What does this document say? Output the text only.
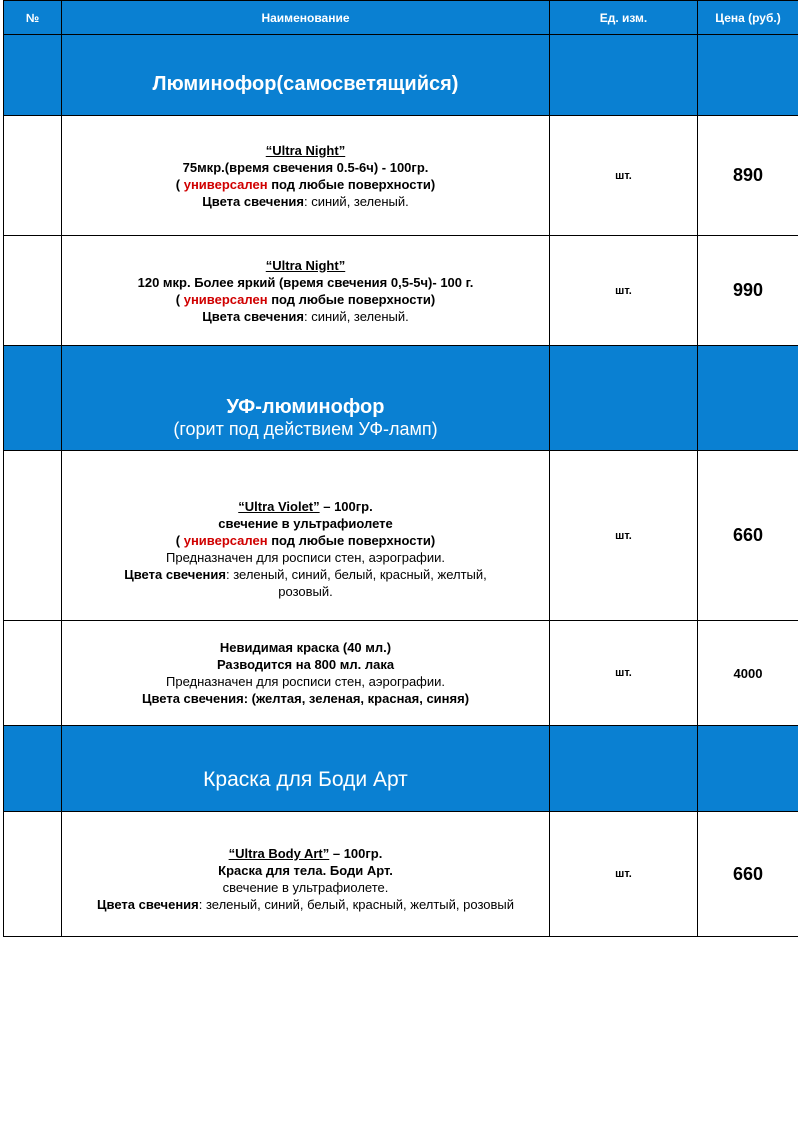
№	Наименование	Ед. изм.	Цена (руб.)
	Люминофор(самосветящийся)		

	“Ultra Night”
75мкр.(время свечения 0.5-6ч) - 100гр.
( универсален под любые поверхности)
Цвета свечения: синий, зеленый.	шт.	890

	“Ultra Night”
120 мкр. Более яркий (время свечения 0,5-5ч)- 100 г.
( универсален под любые поверхности)
Цвета свечения: синий, зеленый.	шт.	990

	УФ-люминофор
(горит под действием УФ-ламп)		

	“Ultra Violet” – 100гр.
свечение в ультрафиолете
( универсален под любые поверхности)
Предназначен для росписи стен, аэрографии.
Цвета свечения: зеленый, синий, белый, красный, желтый, розовый.	шт.	660

	Невидимая краска (40 мл.)
Разводится на 800 мл. лака
Предназначен для росписи стен, аэрографии.
Цвета свечения: (желтая, зеленая, красная, синяя)	шт.	4000
	Краска для Боди Арт		

	“Ultra Body Art” – 100гр.
Краска для тела. Боди Арт.
свечение в ультрафиолете.
Цвета свечения: зеленый, синий, белый, красный, желтый, розовый	шт.	660
